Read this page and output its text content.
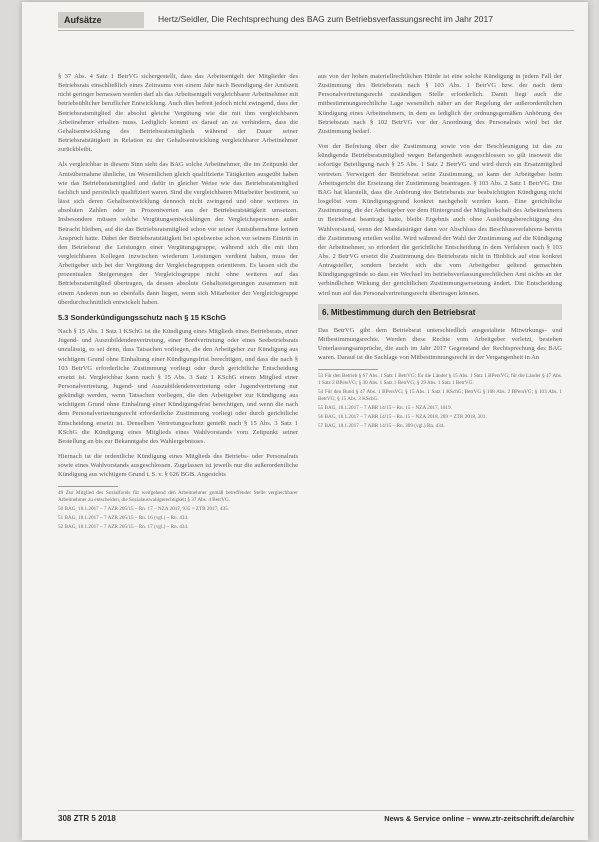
Aufsätze	Hertz/Seidler, Die Rechtsprechung des BAG zum Betriebsverfassungsrecht im Jahr 2017

§ 37 Abs. 4 Satz 1 BetrVG sichergestellt, dass das Arbeitsentgelt der Mitglieder des Betriebsrats einschließlich eines Zeitraums von einem Jahr nach Beendigung der Amtszeit nicht geringer bemessen werden darf als das Arbeitsentgelt vergleichbarer Arbeitnehmer mit betriebsüblicher beruflicher Entwicklung. Auch dies befreit jedoch nicht zwingend, dass der Betriebsratsmitglied die absolut gleiche Vergütung wie die mit ihm vergleichbaren Arbeitnehmer erhalten muss. Lediglich kommt es darauf an zu verhindern, dass die Gehaltsentwicklung des Betriebsratsmitglieds während der Dauer seiner Betriebsratstätigkeit in Relation zu der Gehaltsentwicklung vergleichbarer Arbeitnehmer zurückbleibt.

Als vergleichbar in diesem Sinn sieht das BAG solche Arbeitnehmer, die im Zeitpunkt der Amtsübernahme ähnliche, im Wesentlichen gleich qualifizierte Tätigkeiten ausgeübt haben wie das Betriebsratsmitglied und dafür in gleicher Weise wie das Betriebsratsmitglied fachlich und persönlich qualifiziert waren. Sind die vergleichbaren Mitarbeiter bestimmt, so lässt sich deren Gehaltsentwicklung dennoch nicht zwingend und ohne weiteres in absoluten Zahlen oder in Prozentwerten aus der Betriebsratstätigkeit umsetzen. Insbesondere müssen solche Vergütungsentwicklungen der Vergleichspersonen außer Betracht bleiben, auf die das Betriebsratsmitglied schon vor seiner Amtsübernahme keinen Anspruch hatte. Dabei der Betriebsratstätigkeit bei spielsweise schon vor seinem Eintritt in den Betriebsrat die Leistungen einer Vergütungsgruppe, während sich die mit ihm vergleichbaren Kollegen inzwischen wiederum Leistungen verdient haben, muss der Arbeitgeber sich bei der Vergütung der Vergleichsgruppen orientieren. Es lassen sich die prozentualen Steigerungen der Vergleichsgruppe nicht ohne weiteres auf das Betriebsratsmitglied übertragen, da dessen absolute Gehaltssteigerungen zusammen mit einem Anderen nun so ebenfalls dann liegen, wenn sich Mitarbeiter der Vergleichsgruppe überdurchschnittlich entwickelt haben.

5.3 Sonderkündigungsschutz nach § 15 KSchG

Nach § 15 Abs. 1 Satz 1 KSchG ist die Kündigung eines Mitglieds eines Betriebsrats, einer Jugend- und Auszubildendenvertretung, einer Bordvertretung oder eines Seebetriebsrats unzulässig, es sei denn, dass Tatsachen vorliegen, die den Arbeitgeber zur Kündigung aus wichtigem Grund ohne Einhaltung einer Kündigungsfrist berechtigen, und dass die nach § 103 BetrVG erforderliche Zustimmung vorliegt oder durch gerichtliche Entscheidung ersetzt ist. Vergleichbar kann nach § 15 Abs. 3 Satz 1 KSchG einem Mitglied einer Personalvertretung, Jugend- und Auszubildendenvertretung oder Jugendvertretung nur gekündigt werden, wenn Tatsachen vorliegen, die den Arbeitgeber zur Kündigung aus wichtigem Grund ohne Einhaltung einer Kündigungsfrist berechtigen, und wenn die nach dem Personalvertretungsrecht erforderliche Zustimmung vorliegt oder durch gerichtliche Entscheidung ersetzt ist. Denselben Vertretungsschutz genießt nach § 15 Abs. 3 Satz 1 KSchG die Kündigung eines Mitglieds eines Wahlvorstands vom Zeitpunkt seiner Bestellung an bis zur Bekanntgabe des Wahlergebnisses.

Hiernach ist die ordentliche Kündigung eines Mitglieds des Betriebs- oder Personalrats sowie eines Wahlvorstands ausgeschlossen. Zugelassen ist jeweils nur die außerordentliche Kündigung aus wichtigem Grund i. S. v. § 626 BGB. Angesichts

49 Zur Mitglied des Sozialfonds für weitgehend den Arbeitnehmer gemäß betreffender Stelle vergleichbarer Arbeitnehmer zu entscheiden, die Sozialauswahlgerechtigkeit § 37 Abs. 4 BetrVG.
50 BAG, 18.1.2017 – 7 AZR 205/15 – Rn. 17 – NZA 2017, 935 = ZTR 2017, 435.
51 BAG, 18.1.2017 – 7 AZR 205/15 – Rn. 16 (vgl.) – Rn. 434.
52 BAG, 18.1.2017 – 7 AZR 205/15 – Rn. 17 (vgl.) – Rn. 434.

aus von der hohen materiellrechtlichen Hürde ist eine solche Kündigung in jedem Fall der Zustimmung des Betriebsrats nach § 103 Abs. 1 BetrVG bzw. der nach dem Personalvertretungsrecht zuständigen Stelle erforderlich. Damit liegt auch die mitbestimmungsrechtliche Lage wesentlich näher an der Regelung der außerordentlichen Kündigung eines Arbeitnehmers, in dem es lediglich der ordnungsgemäßen Anhörung des Betriebsrats nach § 102 BetrVG vor der Anordnung des Personalrats wird bei der Zustimmung bedarf.

Von der Befreiung über die Zustimmung sowie von der Beschleunigung ist das zu kündigende Betriebsratsmitglied wegen Befangenheit ausgeschlossen so gilt insoweit die sofortige Beteiligung nach § 25 Abs. 1 Satz 2 BetrVG und wird durch ein Ersatzmitglied vertreten. Verweigert der Betriebsrat seine Zustimmung, so kann der Arbeitgeber beim Arbeitsgericht die Ersetzung der Zustimmung beantragen. § 103 Abs. 2 Satz 1 BetrVG. Die BAG hat klarstellt, dass die Anhörung des Betriebsrats zur beabsichtigten Kündigung nicht losgelöst vom Kündigungsgrund konkret nachgeholt werden kann. Eine gerichtliche Zustimmung, die der Arbeitgeber vor dem Hintergrund der Mitgliedschaft des Arbeitnehmers in Betriebsrat beantragt hatte, bleibt Ergebnis auch ohne Ausübungsberechtigung des Wahlvorstand, wenn der Mandatsträger dann vor Abschluss des Beschlussverfahrens bereits die Zustimmung erteilen wollte. Wird während der Wahl der Zustimmung auf die Kündigung der Arbeitnehmer, so erfordert die gerichtliche Entscheidung in dem Verfahren nach § 103 Abs. 2 BetrVG ersetzt die Zustimmung des Betriebsrats nicht in Hinblick auf eine konkret Antragsteller, sondern bezieht sich die vom Arbeitgeber geltend gemachten Kündigungsgründe so dass ein Wechsel im betriebsverfassungsrechtlichen Amt nichts an der verbindlichen Wirkung der gerichtlichen Zustimmungsersetzung ändert. Die Entscheidung wird nun auf das Personalvertretungsrecht übertragen können.

6. Mitbestimmung durch den Betriebsrat

Das BetrVG gibt dem Betriebsrat unterschiedlich ausgestaltete Mitwirkungs- und Mitbestimmungsrechte. Werden diese Rechte vom Arbeitgeber verletzt, bestehen Unterlassungsansprüche, die auch im Jahr 2017 Gegenstand der Rechtsprechung des BAG waren. Darauf ist die Sachlage von Mitbestimmungsrecht in der Vergangenheit in An

53 Für den Betrieb § 67 Abs. 1 Satz 1 BetrVG; für die Länder § 15 Abs. 1 Satz 1 BPersVG; für die Länder § 47 Abs. 1 Satz 2 BPersVG; § 30 Abs. 1 Satz 1 BetrVG; § 29 Abs. 1 Satz 1 BetrVG.
54 Für den Bund § 47 Abs. 1 BPersVG; § 15 Abs. 1 Satz 1 KSchG; BetrVG § 108 Abs. 2 BPersVG; § 103 Abs. 1 BetrVG; § 15 Abs. 3 KSchG.
55 BAG, 18.1.2017 – 7 ABR 14/15 – Rn. 15 – NZA 2017, 1019.
56 BAG, 18.1.2017 – 7 ABR 14/15 – Rn. 15 – NZA 2018, 269 = ZTR 2018, 301.
57 BAG, 18.1.2017 – 7 ABR 14/15 – Rn. 309 (vgl.) Rn. 434.
308 ZTR 5 2018	News & Service online – www.ztr-zeitschrift.de/archiv
